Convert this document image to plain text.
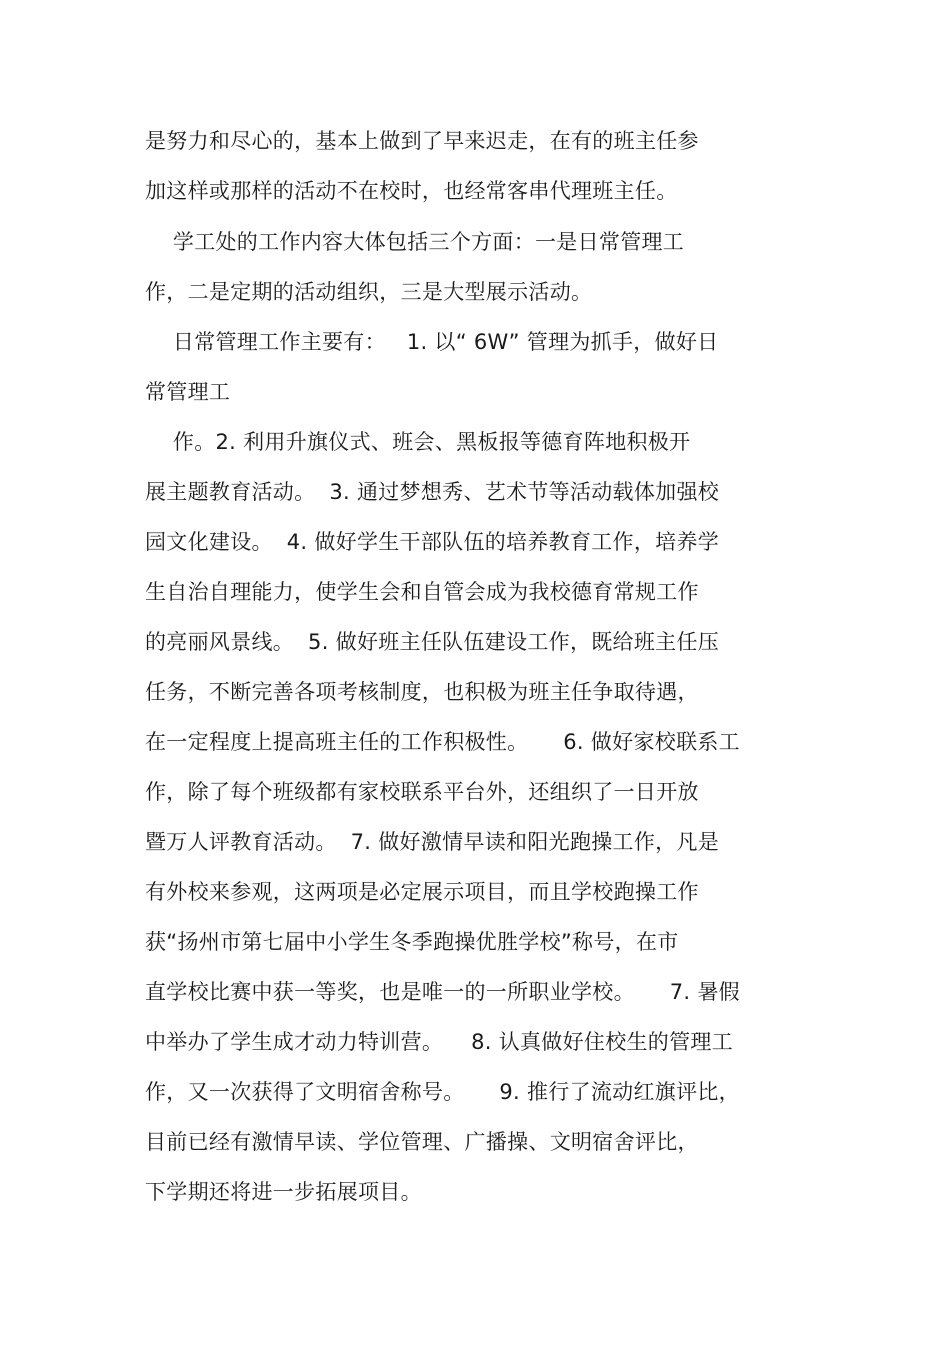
是努力和尽心的，基本上做到了早来迟走，在有的班主任参
加这样或那样的活动不在校时，也经常客串代理班主任。
学工处的工作内容大体包括三个方面：一是日常管理工
作，二是定期的活动组织，三是大型展示活动。
日常管理工作主要有：   1. 以“ 6W” 管理为抓手，做好日
常管理工
作。2. 利用升旗仪式、班会、黑板报等德育阵地积极开
展主题教育活动。  3. 通过梦想秀、艺术节等活动载体加强校
园文化建设。  4. 做好学生干部队伍的培养教育工作，培养学
生自治自理能力，使学生会和自管会成为我校德育常规工作
的亮丽风景线。  5. 做好班主任队伍建设工作，既给班主任压
任务，不断完善各项考核制度，也积极为班主任争取待遇，
在一定程度上提高班主任的工作积极性。     6. 做好家校联系工
作，除了每个班级都有家校联系平台外，还组织了一日开放
暨万人评教育活动。  7. 做好激情早读和阳光跑操工作，凡是
有外校来参观，这两项是必定展示项目，而且学校跑操工作
获“扬州市第七届中小学生冬季跑操优胜学校”称号，在市
直学校比赛中获一等奖，也是唯一的一所职业学校。     7. 暑假
中举办了学生成才动力特训营。    8. 认真做好住校生的管理工
作，又一次获得了文明宿舍称号。     9. 推行了流动红旗评比，
目前已经有激情早读、学位管理、广播操、文明宿舍评比，
下学期还将进一步拓展项目。
